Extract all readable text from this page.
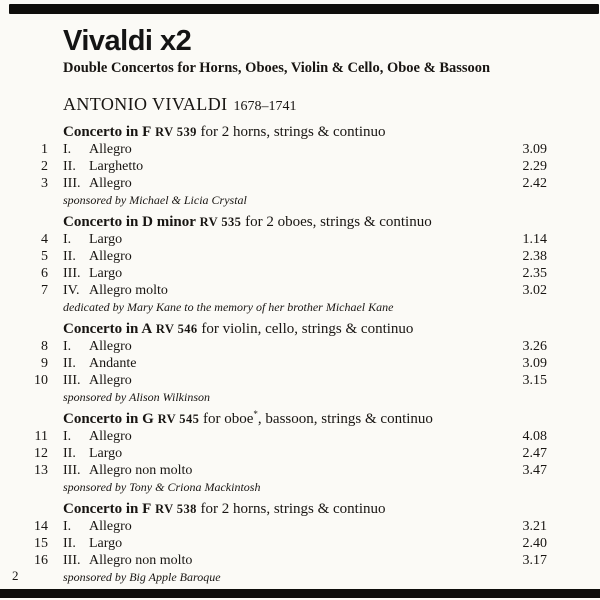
Vivaldi x2
Double Concertos for Horns, Oboes, Violin & Cello, Oboe & Bassoon
ANTONIO VIVALDI 1678–1741
Concerto in F RV 539 for 2 horns, strings & continuo
1	I.	Allegro	3.09
2	II. Larghetto	2.29
3	III. Allegro	2.42
sponsored by Michael & Licia Crystal
Concerto in D minor RV 535 for 2 oboes, strings & continuo
4	I.	Largo	1.14
5	II. Allegro	2.38
6	III. Largo	2.35
7	IV. Allegro molto	3.02
dedicated by Mary Kane to the memory of her brother Michael Kane
Concerto in A RV 546 for violin, cello, strings & continuo
8	I.	Allegro	3.26
9	II. Andante	3.09
10	III. Allegro	3.15
sponsored by Alison Wilkinson
Concerto in G RV 545 for oboe*, bassoon, strings & continuo
11	I.	Allegro	4.08
12	II. Largo	2.47
13	III. Allegro non molto	3.47
sponsored by Tony & Criona Mackintosh
Concerto in F RV 538 for 2 horns, strings & continuo
14	I.	Allegro	3.21
15	II. Largo	2.40
16	III. Allegro non molto	3.17
sponsored by Big Apple Baroque
2
